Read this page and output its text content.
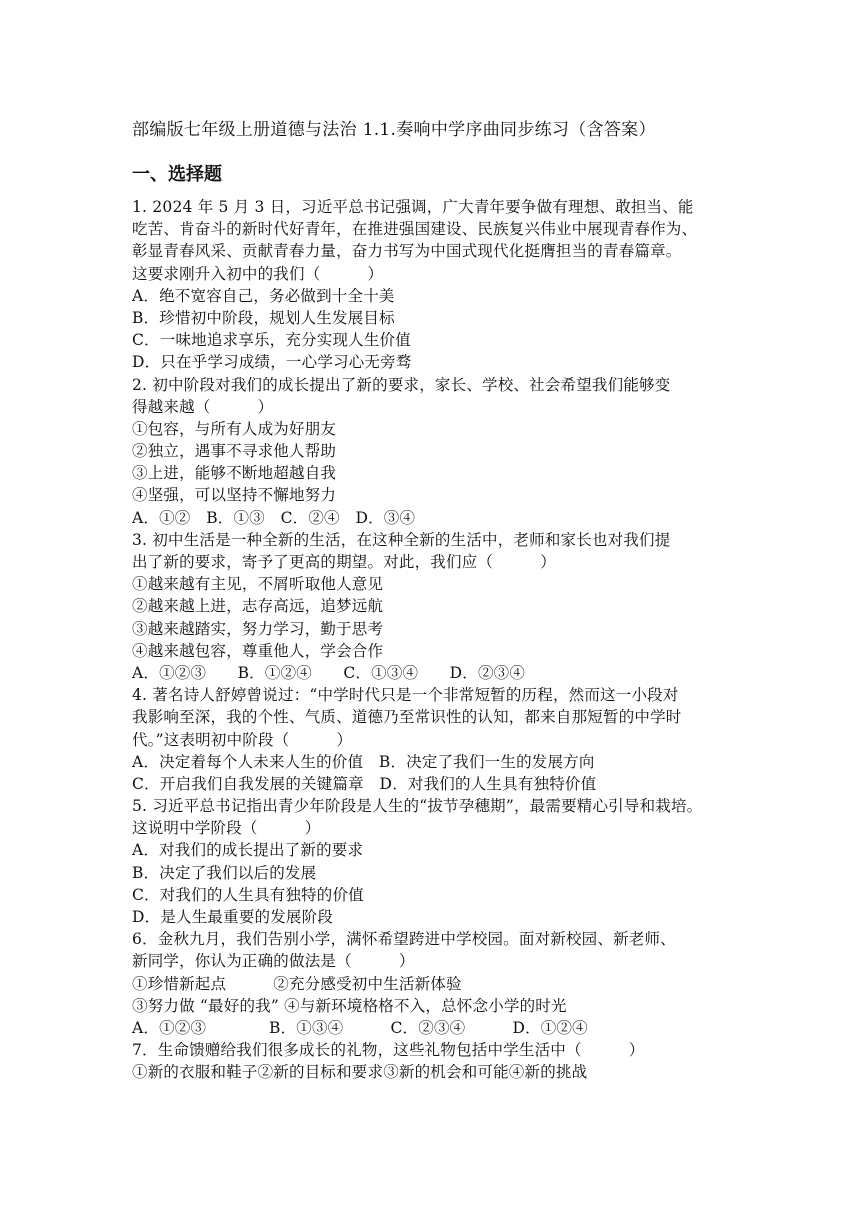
部编版七年级上册道德与法治 1.1.奏响中学序曲同步练习（含答案）
一、选择题
1. 2024 年 5 月 3 日，习近平总书记强调，广大青年要争做有理想、敢担当、能
吃苦、肯奋斗的新时代好青年，在推进强国建设、民族复兴伟业中展现青春作为、
彰显青春风采、贡献青春力量，奋力书写为中国式现代化挺膺担当的青春篇章。
这要求刚升入初中的我们（　　　）
A．绝不宽容自己，务必做到十全十美
B．珍惜初中阶段，规划人生发展目标
C．一味地追求享乐，充分实现人生价值
D．只在乎学习成绩，一心学习心无旁骛
2. 初中阶段对我们的成长提出了新的要求，家长、学校、社会希望我们能够变
得越来越（　　　）
①包容，与所有人成为好朋友
②独立，遇事不寻求他人帮助
③上进，能够不断地超越自我
④坚强，可以坚持不懈地努力
A．①②　B．①③　C．②④　D．③④
3. 初中生活是一种全新的生活，在这种全新的生活中，老师和家长也对我们提
出了新的要求，寄予了更高的期望。对此，我们应（　　　）
①越来越有主见，不屑听取他人意见
②越来越上进，志存高远，追梦远航
③越来越踏实，努力学习，勤于思考
④越来越包容，尊重他人，学会合作
A．①②③　　B．①②④　　C．①③④　　D．②③④
4. 著名诗人舒婷曾说过：“中学时代只是一个非常短暂的历程，然而这一小段对
我影响至深，我的个性、气质、道德乃至常识性的认知，都来自那短暂的中学时
代。”这表明初中阶段（　　　）
A．决定着每个人未来人生的价值　B．决定了我们一生的发展方向
C．开启我们自我发展的关键篇章　D．对我们的人生具有独特价值
5. 习近平总书记指出青少年阶段是人生的“拔节孕穗期”，最需要精心引导和栽培。
这说明中学阶段（　　　）
A．对我们的成长提出了新的要求
B．决定了我们以后的发展
C．对我们的人生具有独特的价值
D．是人生最重要的发展阶段
6．金秋九月，我们告别小学，满怀希望跨进中学校园。面对新校园、新老师、
新同学，你认为正确的做法是（　　　）
①珍惜新起点　　　②充分感受初中生活新体验
③努力做 “最好的我” ④与新环境格格不入，总怀念小学的时光
A．①②③　　　　B．①③④　　　C．②③④　　　D．①②④
7．生命馈赠给我们很多成长的礼物，这些礼物包括中学生活中（　　　）
①新的衣服和鞋子②新的目标和要求③新的机会和可能④新的挑战
